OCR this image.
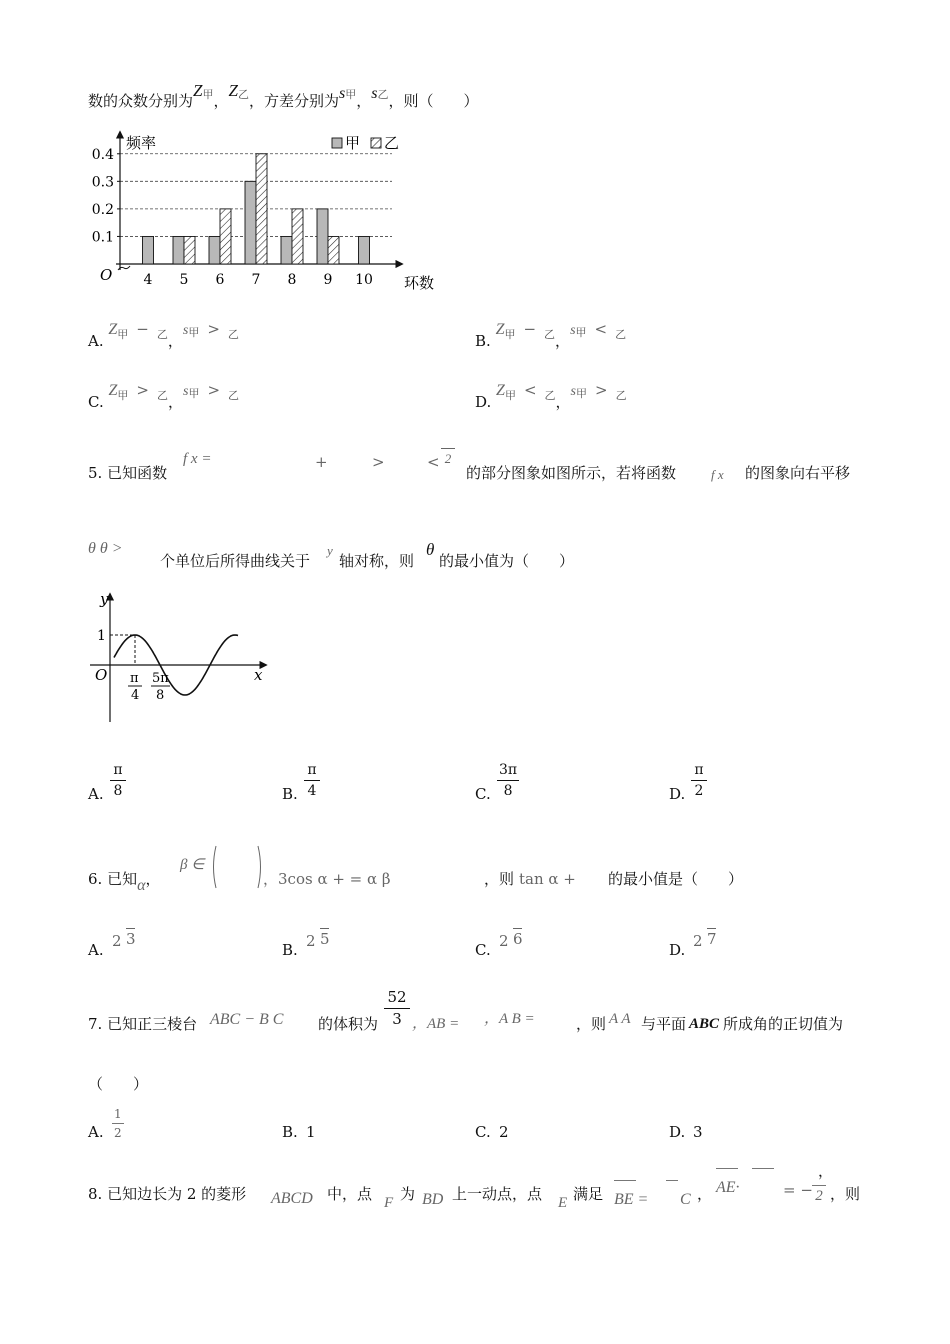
数的众数分别为$Z^甲$，$Z^乙$，方差分别为$s^甲$，$s^乙$，则（　　）
0.1
0.2
0.3
0.4
频率
环数
O
甲 乙
4 5 6 7 8 9 10
A. $Z_甲 - _乙$，s甲 > $_乙$	B. $Z_甲 - _乙$，s甲 < $_乙$
C. $Z_甲 > _乙$，s甲 > $_乙$	D. $Z_甲 < _乙$，s甲 > $_乙$
5. 已知函数
f x =	+	>	< 2
的部分图象如图所示，若将函数	f x 的图象向右平移
θ θ >
个单位后所得曲线关于
y
轴对称，则
θ
的最小值为（　　）
y
x
O
1
π
4
5π
8
A.
π
8	B.
π
4	C.
3π
8	D.
π
2
6. 已知α，
β ∈
，3cos α + = α β	，则 tan α + 的最小值是（　　）
A. 2 3
B. 2 5
C. 2 6
D. 2 7
7. 已知正三棱台 ABC − B C 的体积为
52
3 ，AB = ，A B =	，则 A A 与平面 ABC 所成角的正切值为
（　　）
A.
1
2	B. 1	C. 2	D. 3
8. 已知边长为 2 的菱形 ABCD 中，点 F 为 BD 上一动点，点 E 满足 BE = C ， AE·	= −
，
2 ，则
